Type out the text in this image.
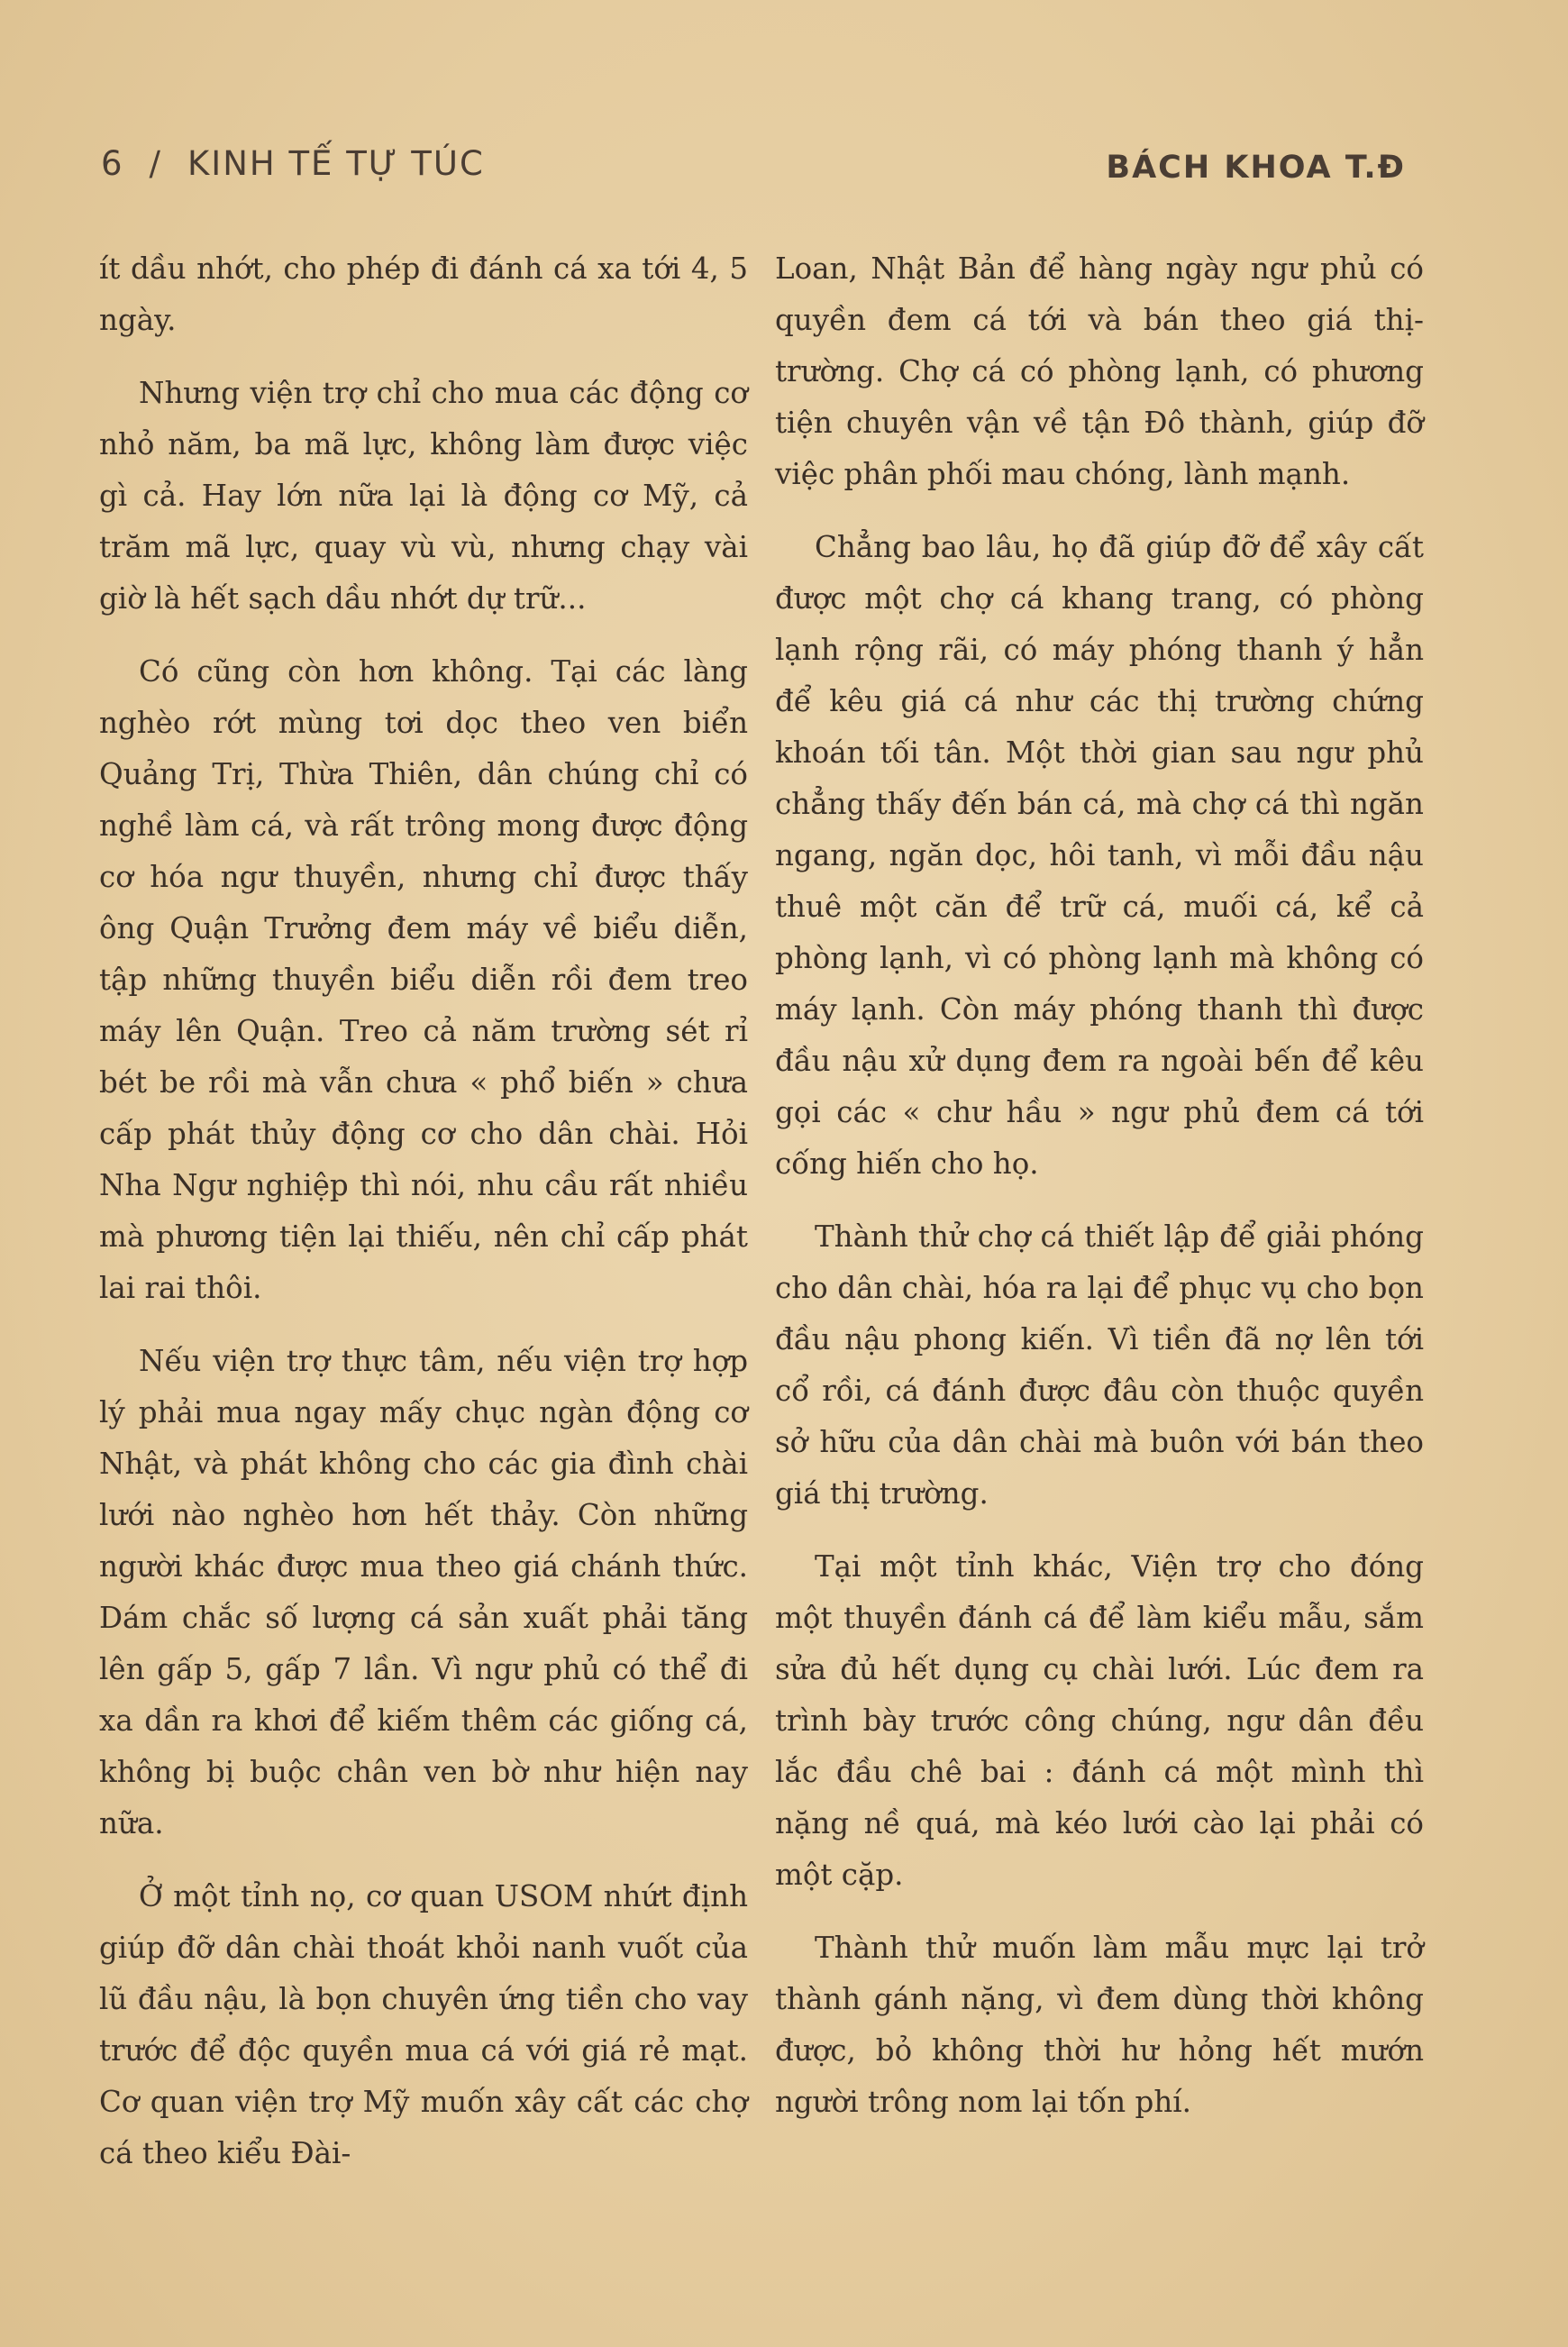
6 / KINH TẾ TỰ TÚC	BÁCH KHOA T.Đ

ít dầu nhớt, cho phép đi đánh cá xa tới 4, 5 ngày.

Nhưng viện trợ chỉ cho mua các động cơ nhỏ năm, ba mã lực, không làm được việc gì cả. Hay lớn nữa lại là động cơ Mỹ, cả trăm mã lực, quay vù vù, nhưng chạy vài giờ là hết sạch dầu nhớt dự trữ...

Có cũng còn hơn không. Tại các làng nghèo rớt mùng tơi dọc theo ven biển Quảng Trị, Thừa Thiên, dân chúng chỉ có nghề làm cá, và rất trông mong được động cơ hóa ngư thuyền, nhưng chỉ được thấy ông Quận Trưởng đem máy về biểu diễn, tập những thuyền biểu diễn rồi đem treo máy lên Quận. Treo cả năm trường sét rỉ bét be rồi mà vẫn chưa « phổ biến » chưa cấp phát thủy động cơ cho dân chài. Hỏi Nha Ngư nghiệp thì nói, nhu cầu rất nhiều mà phương tiện lại thiếu, nên chỉ cấp phát lai rai thôi.

Nếu viện trợ thực tâm, nếu viện trợ hợp lý phải mua ngay mấy chục ngàn động cơ Nhật, và phát không cho các gia đình chài lưới nào nghèo hơn hết thảy. Còn những người khác được mua theo giá chánh thức. Dám chắc số lượng cá sản xuất phải tăng lên gấp 5, gấp 7 lần. Vì ngư phủ có thể đi xa dần ra khơi để kiếm thêm các giống cá, không bị buộc chân ven bờ như hiện nay nữa.

Ở một tỉnh nọ, cơ quan USOM nhứt định giúp đỡ dân chài thoát khỏi nanh vuốt của lũ đầu nậu, là bọn chuyên ứng tiền cho vay trước để độc quyền mua cá với giá rẻ mạt. Cơ quan viện trợ Mỹ muốn xây cất các chợ cá theo kiểu Đài-

Loan, Nhật Bản để hàng ngày ngư phủ có quyền đem cá tới và bán theo giá thị-trường. Chợ cá có phòng lạnh, có phương tiện chuyên vận về tận Đô thành, giúp đỡ việc phân phối mau chóng, lành mạnh.

Chẳng bao lâu, họ đã giúp đỡ để xây cất được một chợ cá khang trang, có phòng lạnh rộng rãi, có máy phóng thanh ý hẳn để kêu giá cá như các thị trường chứng khoán tối tân. Một thời gian sau ngư phủ chẳng thấy đến bán cá, mà chợ cá thì ngăn ngang, ngăn dọc, hôi tanh, vì mỗi đầu nậu thuê một căn để trữ cá, muối cá, kể cả phòng lạnh, vì có phòng lạnh mà không có máy lạnh. Còn máy phóng thanh thì được đầu nậu xử dụng đem ra ngoài bến để kêu gọi các « chư hầu » ngư phủ đem cá tới cống hiến cho họ.

Thành thử chợ cá thiết lập để giải phóng cho dân chài, hóa ra lại để phục vụ cho bọn đầu nậu phong kiến. Vì tiền đã nợ lên tới cổ rồi, cá đánh được đâu còn thuộc quyền sở hữu của dân chài mà buôn với bán theo giá thị trường.

Tại một tỉnh khác, Viện trợ cho đóng một thuyền đánh cá để làm kiểu mẫu, sắm sửa đủ hết dụng cụ chài lưới. Lúc đem ra trình bày trước công chúng, ngư dân đều lắc đầu chê bai : đánh cá một mình thì nặng nề quá, mà kéo lưới cào lại phải có một cặp.

Thành thử muốn làm mẫu mực lại trở thành gánh nặng, vì đem dùng thời không được, bỏ không thời hư hỏng hết mướn người trông nom lại tốn phí.
